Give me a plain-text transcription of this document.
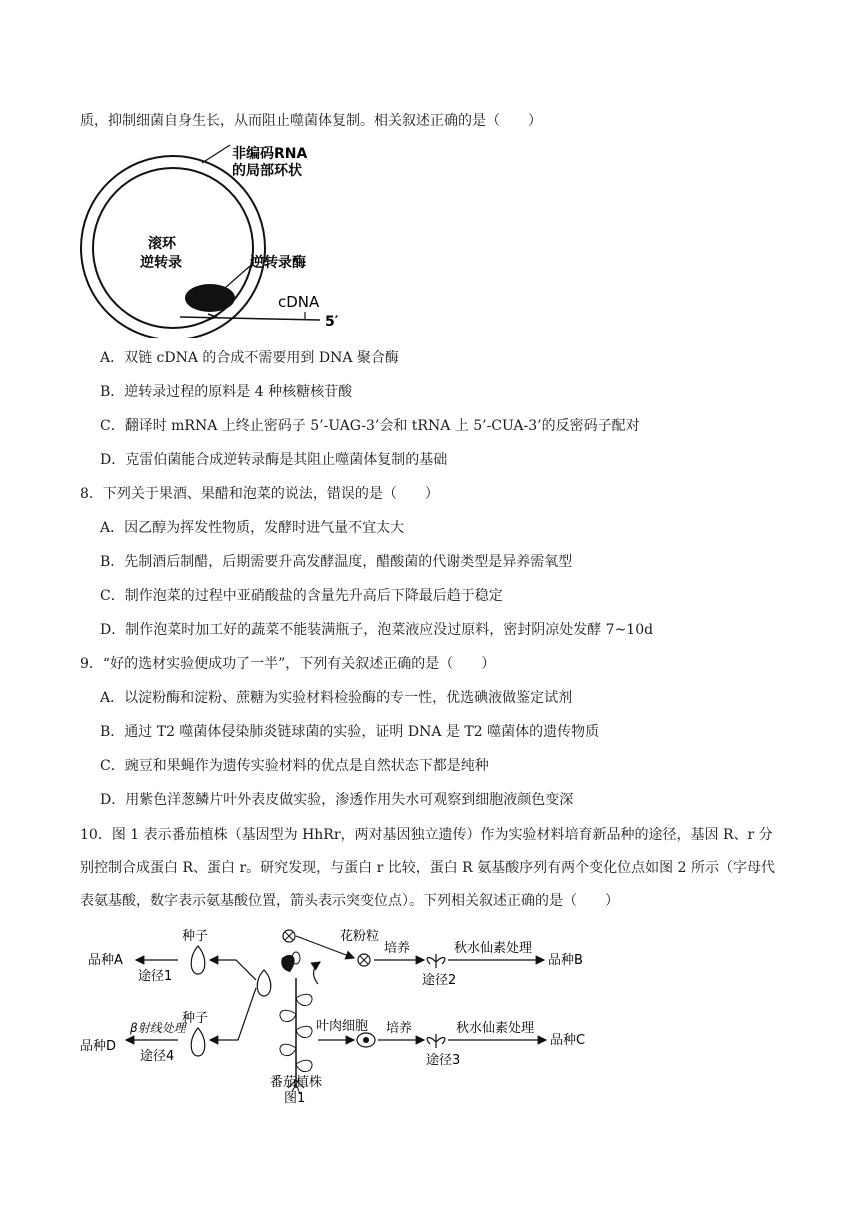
质，抑制细菌自身生长，从而阻止噬菌体复制。相关叙述正确的是（　　）
非编码RNA
的局部环状
滚环
逆转录	逆转录酶
cDNA
5′
A．双链 cDNA 的合成不需要用到 DNA 聚合酶
B．逆转录过程的原料是 4 种核糖核苷酸
C．翻译时 mRNA 上终止密码子 5’-UAG-3’会和 tRNA 上 5’-CUA-3’的反密码子配对
D．克雷伯菌能合成逆转录酶是其阻止噬菌体复制的基础
8．下列关于果酒、果醋和泡菜的说法，错误的是（　　）
A．因乙醇为挥发性物质，发酵时进气量不宜太大
B．先制酒后制醋，后期需要升高发酵温度，醋酸菌的代谢类型是异养需氧型
C．制作泡菜的过程中亚硝酸盐的含量先升高后下降最后趋于稳定
D．制作泡菜时加工好的蔬菜不能装满瓶子，泡菜液应没过原料，密封阴凉处发酵 7~10d
9．“好的选材实验便成功了一半”，下列有关叙述正确的是（　　）
A．以淀粉酶和淀粉、蔗糖为实验材料检验酶的专一性，优选碘液做鉴定试剂
B．通过 T2 噬菌体侵染肺炎链球菌的实验，证明 DNA 是 T2 噬菌体的遗传物质
C．豌豆和果蝇作为遗传实验材料的优点是自然状态下都是纯种
D．用紫色洋葱鳞片叶外表皮做实验，渗透作用失水可观察到细胞液颜色变深
10．图 1 表示番茄植株（基因型为 HhRr，两对基因独立遗传）作为实验材料培育新品种的途径，基因 R、r 分别控制合成蛋白 R、蛋白 r。研究发现，与蛋白 r 比较，蛋白 R 氨基酸序列有两个变化位点如图 2 所示（字母代表氨基酸，数字表示氨基酸位置，箭头表示突变位点）。下列相关叙述正确的是（　　）
品种A
途径1
种子
品种D
β射线处理
途径4
种子
花粉粒
培养	秋水仙素处理
途径2
品种B
叶肉细胞 培养	秋水仙素处理
途径3
品种C
番茄植株
图1
